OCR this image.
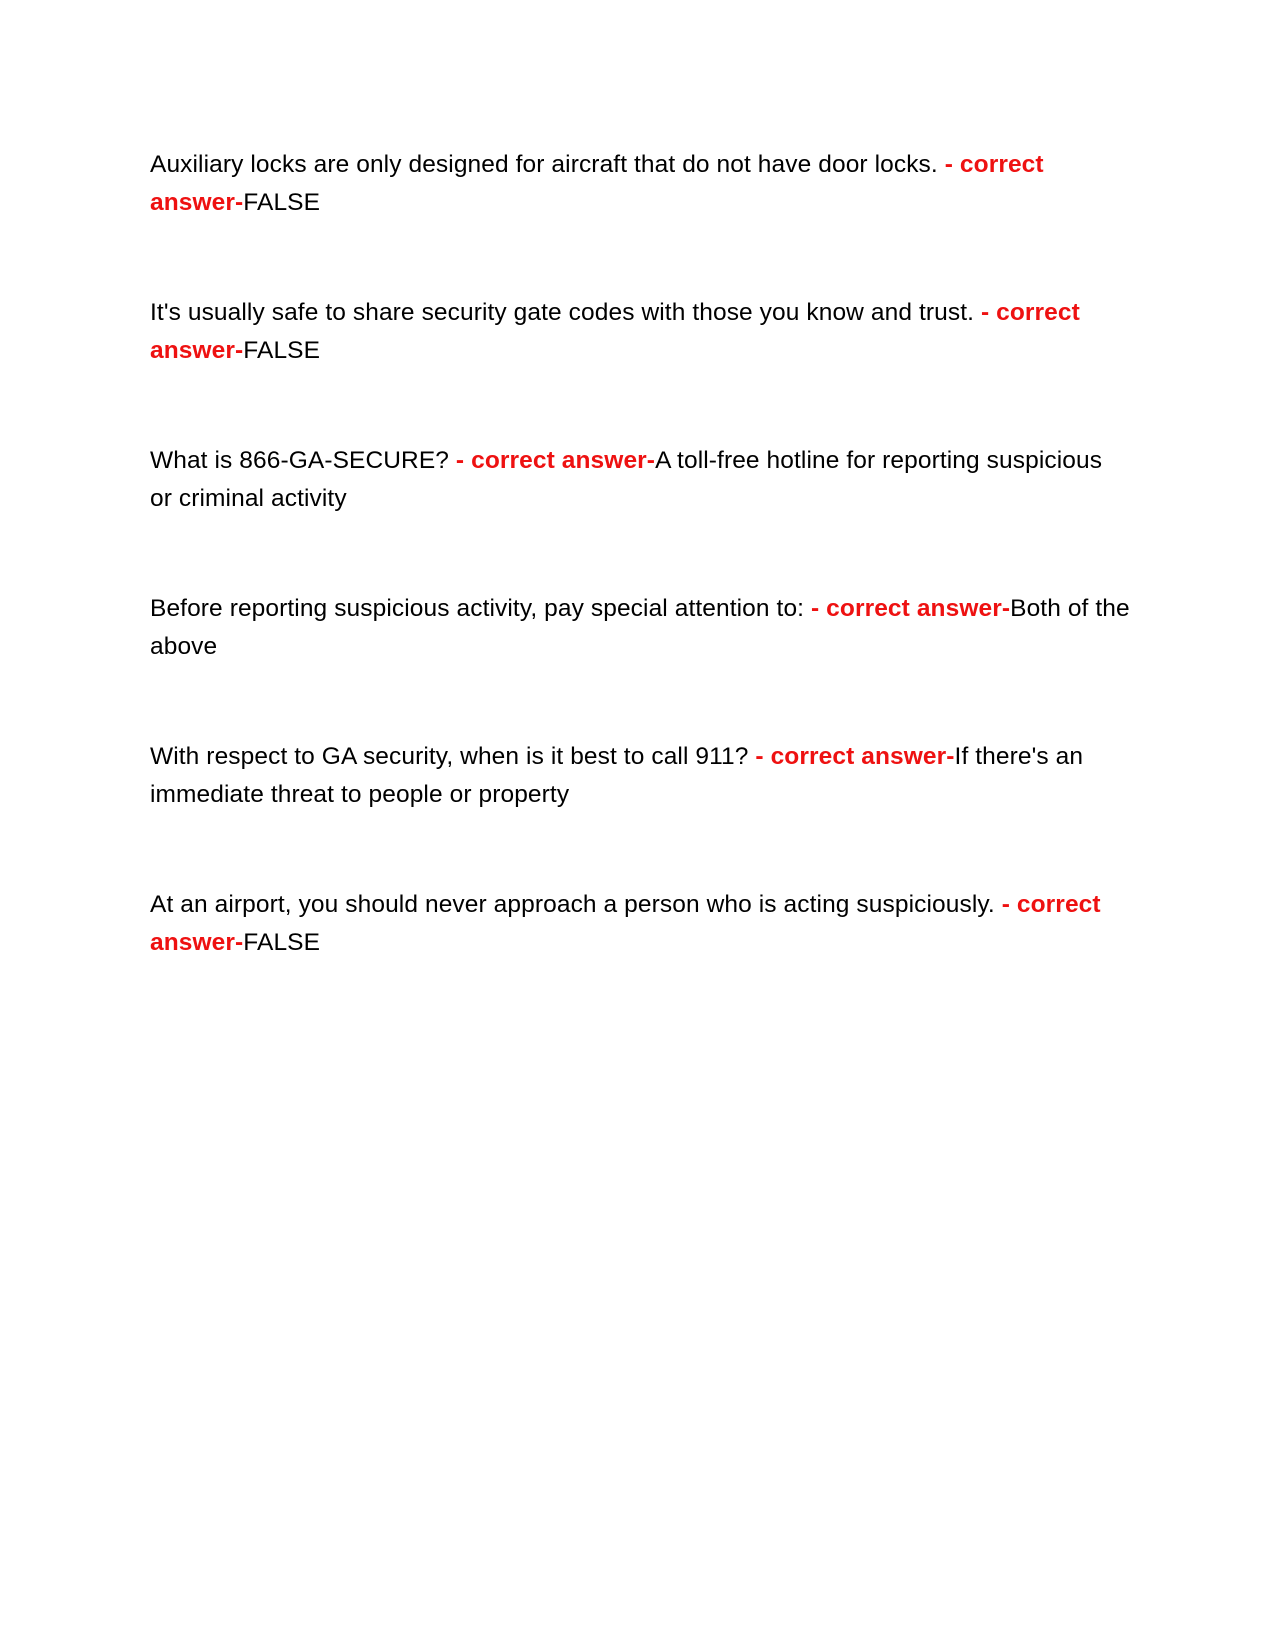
Auxiliary locks are only designed for aircraft that do not have door locks. - correct answer-FALSE

It's usually safe to share security gate codes with those you know and trust. - correct answer-FALSE

What is 866-GA-SECURE? - correct answer-A toll-free hotline for reporting suspicious or criminal activity

Before reporting suspicious activity, pay special attention to: - correct answer-Both of the above

With respect to GA security, when is it best to call 911? - correct answer-If there's an immediate threat to people or property

At an airport, you should never approach a person who is acting suspiciously. - correct answer-FALSE
